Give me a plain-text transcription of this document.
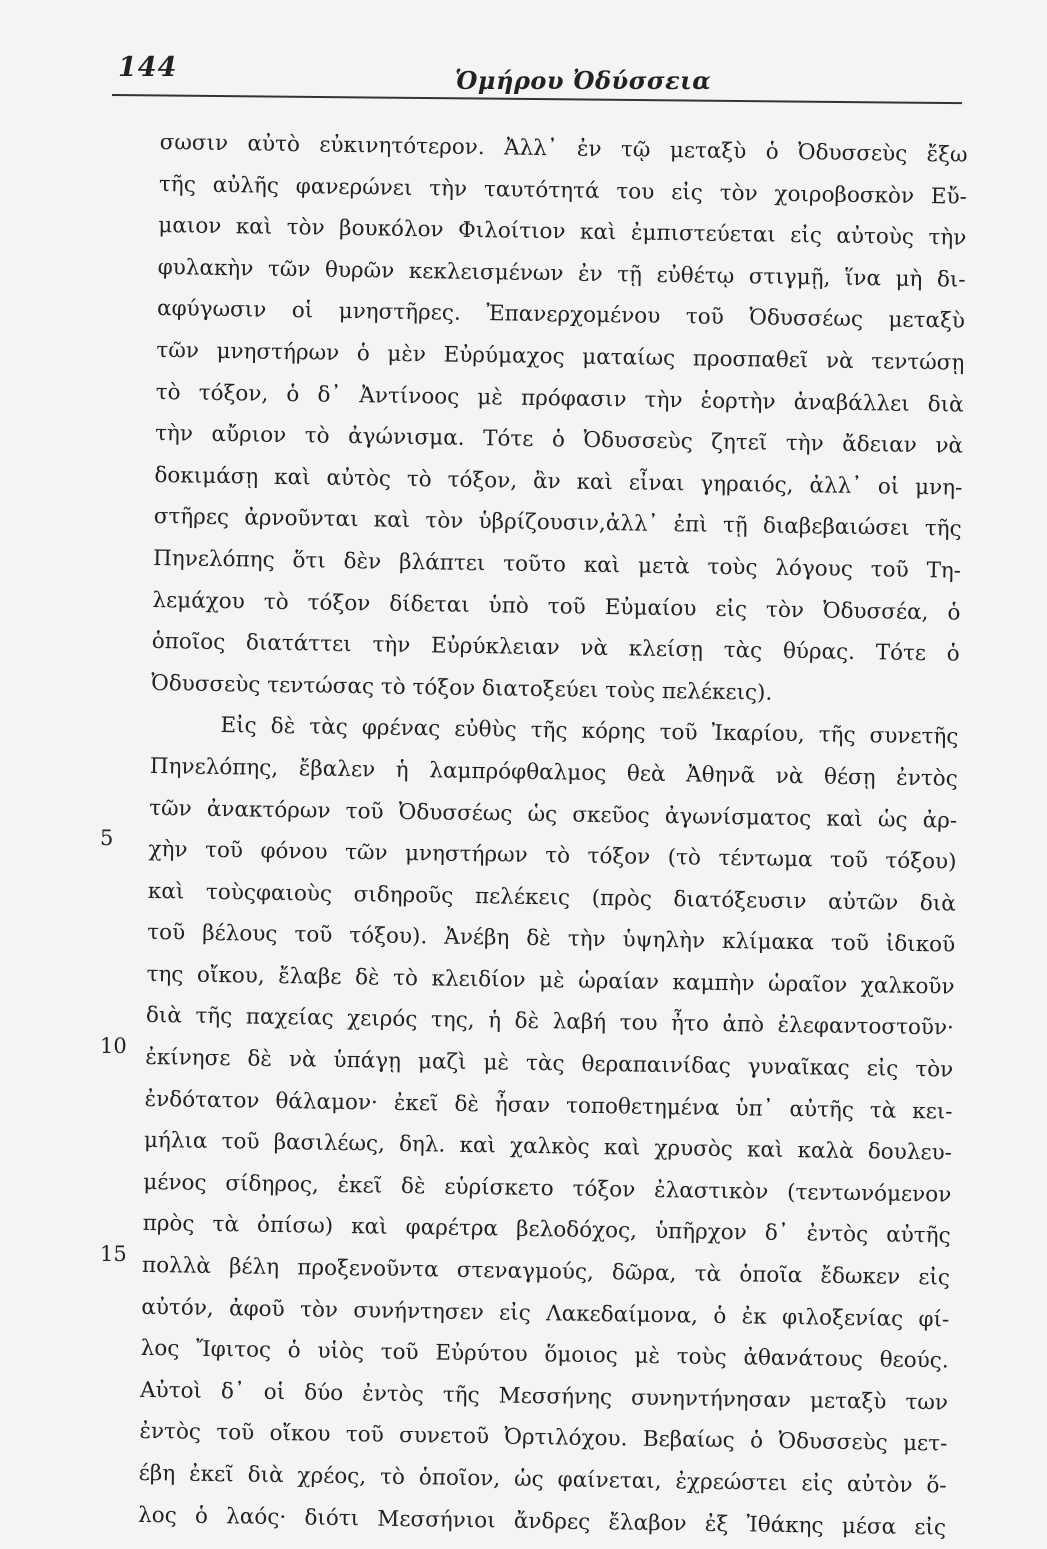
144	Ὁμήρου Ὀδύσσεια
5
10
15
σωσιν αὐτὸ εὐκινητότερον. Ἀλλ᾿ ἐν τῷ μεταξὺ ὁ Ὀδυσσεὺς ἔξω
τῆς αὐλῆς φανερώνει τὴν ταυτότητά του εἰς τὸν χοιροβοσκὸν Εὔ-
μαιον καὶ τὸν βουκόλον Φιλοίτιον καὶ ἐμπιστεύεται εἰς αὐτοὺς τὴν
φυλακὴν τῶν θυρῶν κεκλεισμένων ἐν τῇ εὐθέτῳ στιγμῇ, ἵνα μὴ δι-
αφύγωσιν οἱ μνηστῆρες. Ἐπανερχομένου τοῦ Ὀδυσσέως μεταξὺ
τῶν μνηστήρων ὁ μὲν Εὐρύμαχος ματαίως προσπαθεῖ νὰ τεντώσῃ
τὸ τόξον, ὁ δ᾿ Ἀντίνοος μὲ πρόφασιν τὴν ἑορτὴν ἀναβάλλει διὰ
τὴν αὔριον τὸ ἀγώνισμα. Τότε ὁ Ὀδυσσεὺς ζητεῖ τὴν ἄδειαν νὰ
δοκιμάσῃ καὶ αὐτὸς τὸ τόξον, ἂν καὶ εἶναι γηραιός, ἀλλ᾿ οἱ μνη-
στῆρες ἀρνοῦνται καὶ τὸν ὑβρίζουσιν,ἀλλ᾿ ἐπὶ τῇ διαβεβαιώσει τῆς
Πηνελόπης ὅτι δὲν βλάπτει τοῦτο καὶ μετὰ τοὺς λόγους τοῦ Τη-
λεμάχου τὸ τόξον δίδεται ὑπὸ τοῦ Εὐμαίου εἰς τὸν Ὀδυσσέα, ὁ
ὁποῖος διατάττει τὴν Εὐρύκλειαν νὰ κλείσῃ τὰς θύρας. Τότε ὁ
Ὀδυσσεὺς τεντώσας τὸ τόξον διατοξεύει τοὺς πελέκεις).
Εἰς δὲ τὰς φρένας εὐθὺς τῆς κόρης τοῦ Ἰκαρίου, τῆς συνετῆς
Πηνελόπης, ἔβαλεν ἡ λαμπρόφθαλμος θεὰ Ἀθηνᾶ νὰ θέσῃ ἐντὸς
τῶν ἀνακτόρων τοῦ Ὀδυσσέως ὡς σκεῦος ἀγωνίσματος καὶ ὡς ἀρ-
χὴν τοῦ φόνου τῶν μνηστήρων τὸ τόξον (τὸ τέντωμα τοῦ τόξου)
καὶ τοὺςφαιοὺς σιδηροῦς πελέκεις (πρὸς διατόξευσιν αὐτῶν διὰ
τοῦ βέλους τοῦ τόξου). Ἀνέβη δὲ τὴν ὑψηλὴν κλίμακα τοῦ ἰδικοῦ
της οἴκου, ἔλαβε δὲ τὸ κλειδίον μὲ ὡραίαν καμπὴν ὡραῖον χαλκοῦν
διὰ τῆς παχείας χειρός της, ἡ δὲ λαβή του ἦτο ἀπὸ ἐλεφαντοστοῦν·
ἐκίνησε δὲ νὰ ὑπάγῃ μαζὶ μὲ τὰς θεραπαινίδας γυναῖκας εἰς τὸν
ἐνδότατον θάλαμον· ἐκεῖ δὲ ἦσαν τοποθετημένα ὑπ᾿ αὐτῆς τὰ κει-
μήλια τοῦ βασιλέως, δηλ. καὶ χαλκὸς καὶ χρυσὸς καὶ καλὰ δουλευ-
μένος σίδηρος, ἐκεῖ δὲ εὑρίσκετο τόξον ἐλαστικὸν (τεντωνόμενον
πρὸς τὰ ὀπίσω) καὶ φαρέτρα βελοδόχος, ὑπῆρχον δ᾿ ἐντὸς αὐτῆς
πολλὰ βέλη προξενοῦντα στεναγμούς, δῶρα, τὰ ὁποῖα ἔδωκεν εἰς
αὐτόν, ἀφοῦ τὸν συνήντησεν εἰς Λακεδαίμονα, ὁ ἐκ φιλοξενίας φί-
λος Ἴφιτος ὁ υἱὸς τοῦ Εὐρύτου ὅμοιος μὲ τοὺς ἀθανάτους θεούς.
Αὐτοὶ δ᾿ οἱ δύο ἐντὸς τῆς Μεσσήνης συνηντήνησαν μεταξὺ των
ἐντὸς τοῦ οἴκου τοῦ συνετοῦ Ὀρτιλόχου. Βεβαίως ὁ Ὀδυσσεὺς μετ-
έβη ἐκεῖ διὰ χρέος, τὸ ὁποῖον, ὡς φαίνεται, ἐχρεώστει εἰς αὐτὸν ὅ-
λος ὁ λαός· διότι Μεσσήνιοι ἄνδρες ἔλαβον ἐξ Ἰθάκης μέσα εἰς
